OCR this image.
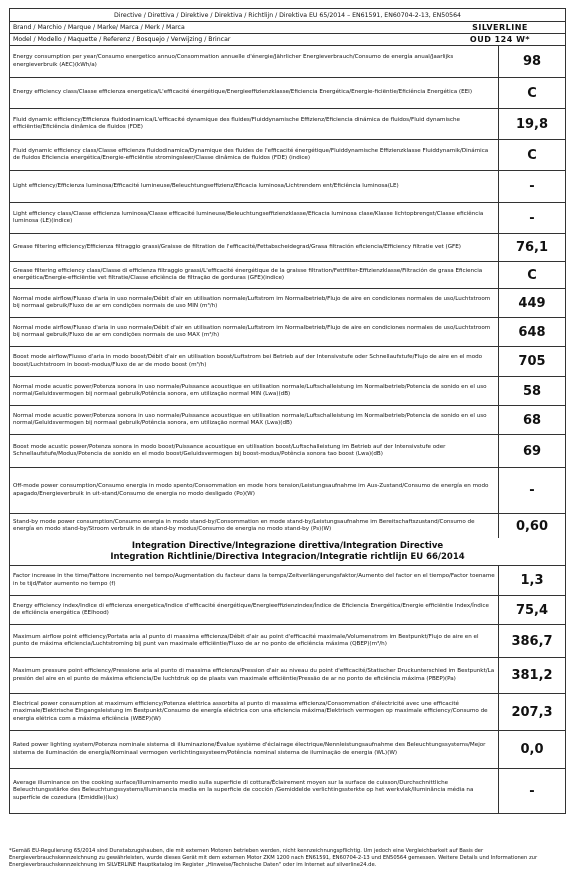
Directive / Direttiva / Direktive / Direktiva / Richtlijn / Direktiva EU 65/2014 – EN61591, EN60704-2-13, EN50564
Brand / Marchio / Marque / Marke/ Marca / Merk / Marca	SILVERLINE
Model / Modello / Maquette / Referenz / Bosquejo / Verwijzing / Brincar	OUD 124 W*
Energy consumption per year/Consumo energetico annuo/Consommation annuelle d'énergie/Jährlicher Energieverbrauch/Consumo de energía anual/Jaarlijks energieverbruik (AEC)(kWh/a)	98
Energy efficiency class/Classe efficienza energetica/L'efficacité énergétique/Energieeffizienzklasse/Eficiencia Energética/Energie-ficiëntie/Eficiência Energética (EEI)	C
Fluid dynamic efficiency/Efficienza fluidodinamica/L'efficacité dynamique des fluides/Fluiddynamische Effizienz/Eficiencia dinámica de fluidos/Fluid dynamische efficiëntie/Eficiência dinâmica de fluidos (FDE)	19,8
Fluid dynamic efficiency class/Classe efficienza fluidodinamica/Dynamique des fluides de l'efficacité énergétique/Fluiddynamische Effizienzklasse Fluiddynamik/Dinámica de fluidos Eficiencia energética/Energie-efficiëntie stromingsleer/Classe dinâmica de fluidos (FDE) (indice)	C
Light efficiency/Efficienza luminosa/Efficacité lumineuse/Beleuchtungseffizienz/Eficacia luminosa/Lichtrendem ent/Eficiência luminosa(LE)	-
Light efficiency class/Classe efficienza luminosa/Classe efficacité lumineuse/Beleuchtungseffizienzklasse/Eficacia luminosa clase/Klasse lichtopbrengst/Classe eficiência luminosa (LE)(indice)	-
Grease filtering efficiency/Efficienza filtraggio grassi/Graisse de filtration de l'efficacité/Fettabscheidegrad/Grasa filtración eficiencia/Efficiency filtratie vet (GFE)	76,1
Grease filtering efficiency class/Classe di efficienza filtraggio grassi/L'efficacité énergétique de la graisse filtration/Fettfilter-Effizienzklasse/Filtración de grasa Eficiencia energética/Energie-efficiëntie vet filtratie/Classe eficiência de filtração de gorduras (GFE)(indice)	C
Normal mode airflow/Flusso d'aria in uso normale/Débit d'air en utilisation normale/Luftstrom im Normalbetrieb/Flujo de aire en condiciones normales de uso/Luchtstroom bij normaal gebruik/Fluxo de ar em condições normais de uso MIN (m³/h)	449
Normal mode airflow/Flusso d'aria in uso normale/Débit d'air en utilisation normale/Luftstrom im Normalbetrieb/Flujo de aire en condiciones normales de uso/Luchtstroom bij normaal gebruik/Fluxo de ar em condições normais de uso MAX (m³/h)	648
Boost mode airflow/Flusso d'aria in modo boost/Débit d'air en utilisation boost/Luftstrom bei Betrieb auf der Intensivstufe oder Schnellaufstufe/Flujo de aire en el modo boost/Luchtstroom in boost-modus/Fluxo de ar de modo boost (m³/h)	705
Normal mode acustic power/Potenza sonora in uso normale/Puissance acoustique en utilisation normale/Luftschalleistung im Normalbetrieb/Potencia de sonido en el uso normal/Geluidsvermogen bij normaal gebruik/Potência sonora, em utilização normal MIN (Lwa)(dB)	58
Normal mode acustic power/Potenza sonora in uso normale/Puissance acoustique en utilisation normale/Luftschalleistung im Normalbetrieb/Potencia de sonido en el uso normal/Geluidsvermogen bij normaal gebruik/Potência sonora, em utilização normal MAX (Lwa)(dB)	68
Boost mode acustic power/Potenza sonora in modo boost/Puissance acoustique en utilisation boost/Luftschalleistung im Betrieb auf der Intensivstufe oder Schnellaufstufe/Modus/Potencia de sonido en el modo boost/Geluidsvermogen bij boost-modus/Potência sonora tao boost (Lwa)(dB)	69
Off-mode power consumption/Consumo energia in modo spento/Consommation en mode hors tension/Leistungsaufnahme im Aus-Zustand/Consumo de energía en modo apagado/Energieverbruik in uit-stand/Consumo de energia no modo desligado (Po)(W)	-
Stand-by mode power consumption/Consumo energia in modo stand-by/Consommation en mode stand-by/Leistungsaufnahme im Bereitschaftszustand/Consumo de energía en modo stand-by/Stroom verbruik in de stand-by modus/Consumo de energia no modo stand-by (Ps)(W)	0,60
Integration Directive/Integrazione direttiva/Integration Directive
Integration Richtlinie/Directiva Integracion/Integratie richtlijn EU 66/2014
Factor increase in the time/Fattore incremento nel tempo/Augmentation du facteur dans la temps/Zeitverlängerungsfaktor/Aumento del factor en el tiempo/Factor toename in te tijd/Fator aumento no tempo (f)	1,3
Energy efficiency index/Indice di efficienza energetica/Indice d'efficacité énergétique/Energieeffizienzindex/Índice de Eficiencia Energética/Energie efficiëntie Index/Índice de eficiência energética (EEIhood)	75,4
Maximum airflow point efficiency/Portata aria al punto di massima efficienza/Débit d'air au point d'efficacité maximale/Volumenstrom im Bestpunkt/Flujo de aire en el punto de máxima eficiencia/Luchtstroming bij punt van maximale efficiëntie/Fluxo de ar no ponto de eficiência máxima (QBEP)(m³/h)	386,7
Maximum pressure point efficiency/Pressione aria al punto di massima efficienza/Pression d'air au niveau du point d'efficacité/Statischer Druckunterschied im Bestpunkt/La presión del aire en el punto de máxima eficiencia/De luchtdruk op de plaats van maximale efficiëntie/Pressão de ar no ponto de eficiência máxima (PBEP)(Pa)	381,2
Electrical power consumption at maximum efficiency/Potenza elettrica assorbita al punto di massima efficienza/Consommation d'électricité avec une efficacité maximale/Elektrische Eingangsleistung im Bestpunkt/Consumo de energía eléctrica con una eficiencia máxima/Elektrisch vermogen op maximale efficiency/Consumo de energia elétrica com a máxima eficiência (WBEP)(W)	207,3
Rated power lighting system/Potenza nominale sistema di illuminazione/Évalue système d'éclairage électrique/Nennleistungsaufnahme des Beleuchtungssystems/Mejor sistema de iluminación de energía/Nominaal vermogen verlichtingssysteem/Potência nominal sistema de iluminação de energia (WL)(W)	0,0
Average illuminance on the cooking surface/Illuminamento medio sulla superficie di cottura/Éclairement moyen sur la surface de cuisson/Durchschnittliche Beleuchtungsstärke des Beleuchtungssystems/Iluminancia media en la superficie de cocción /Gemiddelde verlichtingssterkte op het werkvlak/Iluminância média na superfície de cozedura (Emiddle)(lux)	-
*Gemäß EU-Regulierung 65/2014 sind Dunstabzugshauben, die mit externen Motoren betrieben werden, nicht kennzeichnungspflichtig. Um jedoch eine Vergleichbarkeit auf Basis der Energieverbrauchskennzeichnung zu gewährleisten, wurde dieses Gerät mit dem externen Motor ZKM 1200 nach EN61591, EN60704-2-13 und EN50564 gemessen. Weitere Details und Informationen zur Energieverbrauchskennzeichnung im SILVERLINE Hauptkatalog im Register „Hinweise/Technische Daten" oder im Internet auf silverline24.de.
